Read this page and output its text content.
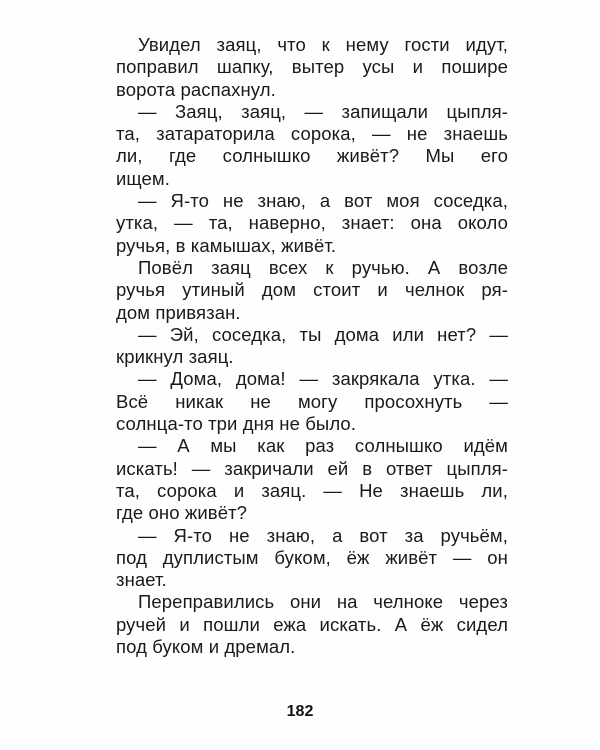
Увидел заяц, что к нему гости идут,
поправил шапку, вытер усы и пошире
ворота распахнул.
— Заяц, заяц, — запищали цыпля-
та, затараторила сорока, — не знаешь
ли, где солнышко живёт? Мы его
ищем.
— Я-то не знаю, а вот моя соседка,
утка, — та, наверно, знает: она около
ручья, в камышах, живёт.
Повёл заяц всех к ручью. А возле
ручья утиный дом стоит и челнок ря-
дом привязан.
— Эй, соседка, ты дома или нет? —
крикнул заяц.
— Дома, дома! — закрякала утка. —
Всё никак не могу просохнуть —
солнца-то три дня не было.
— А мы как раз солнышко идём
искать! — закричали ей в ответ цыпля-
та, сорока и заяц. — Не знаешь ли,
где оно живёт?
— Я-то не знаю, а вот за ручьём,
под дуплистым буком, ёж живёт — он
знает.
Переправились они на челноке через
ручей и пошли ежа искать. А ёж сидел
под буком и дремал.
182
